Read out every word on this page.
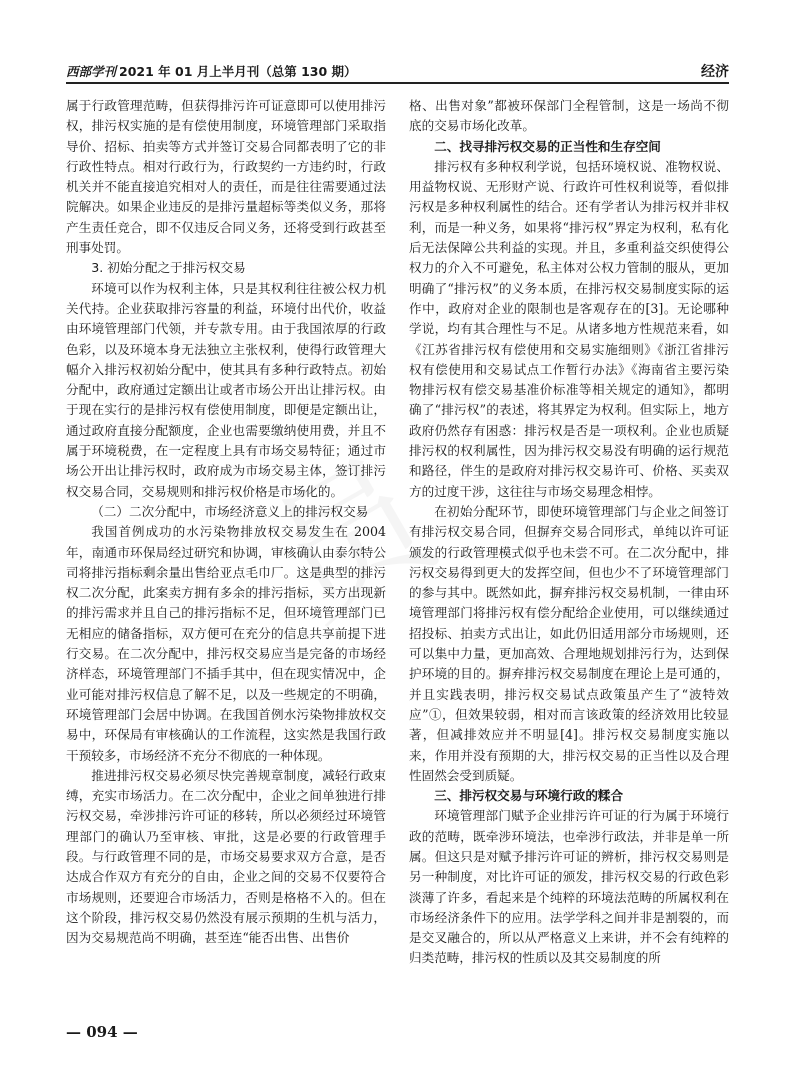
西部学刊 2021 年 01 月上半月刊（总第 130 期）	经济

属于行政管理范畴，但获得排污许可证意即可以使用排污权，排污权实施的是有偿使用制度，环境管理部门采取指导价、招标、拍卖等方式并签订交易合同都表明了它的非行政性特点。相对行政行为，行政契约一方违约时，行政机关并不能直接追究相对人的责任，而是往往需要通过法院解决。如果企业违反的是排污量超标等类似义务，那将产生责任竞合，即不仅违反合同义务，还将受到行政甚至刑事处罚。

3. 初始分配之于排污权交易

环境可以作为权利主体，只是其权利往往被公权力机关代持。企业获取排污容量的利益，环境付出代价，收益由环境管理部门代领，并专款专用。由于我国浓厚的行政色彩，以及环境本身无法独立主张权利，使得行政管理大幅介入排污权初始分配中，使其具有多种行政特点。初始分配中，政府通过定额出让或者市场公开出让排污权。由于现在实行的是排污权有偿使用制度，即便是定额出让，通过政府直接分配额度，企业也需要缴纳使用费，并且不属于环境税费，在一定程度上具有市场交易特征；通过市场公开出让排污权时，政府成为市场交易主体，签订排污权交易合同，交易规则和排污权价格是市场化的。

（二）二次分配中，市场经济意义上的排污权交易

我国首例成功的水污染物排放权交易发生在 2004 年，南通市环保局经过研究和协调，审核确认由泰尔特公司将排污指标剩余量出售给亚点毛巾厂。这是典型的排污权二次分配，此案卖方拥有多余的排污指标，买方出现新的排污需求并且自己的排污指标不足，但环境管理部门已无相应的储备指标，双方便可在充分的信息共享前提下进行交易。在二次分配中，排污权交易应当是完备的市场经济样态，环境管理部门不插手其中，但在现实情况中，企业可能对排污权信息了解不足，以及一些规定的不明确，环境管理部门会居中协调。在我国首例水污染物排放权交易中，环保局有审核确认的工作流程，这实然是我国行政干预较多，市场经济不充分不彻底的一种体现。

推进排污权交易必须尽快完善规章制度，减轻行政束缚，充实市场活力。在二次分配中，企业之间单独进行排污权交易，牵涉排污许可证的移转，所以必须经过环境管理部门的确认乃至审核、审批，这是必要的行政管理手段。与行政管理不同的是，市场交易要求双方合意，是否达成合作双方有充分的自由，企业之间的交易不仅要符合市场规则，还要迎合市场活力，否则是格格不入的。但在这个阶段，排污权交易仍然没有展示预期的生机与活力，因为交易规范尚不明确，甚至连“能否出售、出售价

格、出售对象”都被环保部门全程管制，这是一场尚不彻底的交易市场化改革。

二、找寻排污权交易的正当性和生存空间

排污权有多种权利学说，包括环境权说、准物权说、用益物权说、无形财产说、行政许可性权利说等，看似排污权是多种权利属性的结合。还有学者认为排污权并非权利，而是一种义务，如果将“排污权”界定为权利，私有化后无法保障公共利益的实现。并且，多重利益交织使得公权力的介入不可避免，私主体对公权力管制的服从，更加明确了“排污权”的义务本质，在排污权交易制度实际的运作中，政府对企业的限制也是客观存在的[3]。无论哪种学说，均有其合理性与不足。从诸多地方性规范来看，如《江苏省排污权有偿使用和交易实施细则》《浙江省排污权有偿使用和交易试点工作暂行办法》《海南省主要污染物排污权有偿交易基准价标准等相关规定的通知》，都明确了“排污权”的表述，将其界定为权利。但实际上，地方政府仍然存有困惑：排污权是否是一项权利。企业也质疑排污权的权利属性，因为排污权交易没有明确的运行规范和路径，伴生的是政府对排污权交易许可、价格、买卖双方的过度干涉，这往往与市场交易理念相悖。

在初始分配环节，即使环境管理部门与企业之间签订有排污权交易合同，但摒弃交易合同形式，单纯以许可证颁发的行政管理模式似乎也未尝不可。在二次分配中，排污权交易得到更大的发挥空间，但也少不了环境管理部门的参与其中。既然如此，摒弃排污权交易机制，一律由环境管理部门将排污权有偿分配给企业使用，可以继续通过招投标、拍卖方式出让，如此仍旧适用部分市场规则，还可以集中力量，更加高效、合理地规划排污行为，达到保护环境的目的。摒弃排污权交易制度在理论上是可通的，并且实践表明，排污权交易试点政策虽产生了“波特效应”①，但效果较弱，相对而言该政策的经济效用比较显著，但减排效应并不明显[4]。排污权交易制度实施以来，作用并没有预期的大，排污权交易的正当性以及合理性固然会受到质疑。

三、排污权交易与环境行政的糅合

环境管理部门赋予企业排污许可证的行为属于环境行政的范畴，既牵涉环境法，也牵涉行政法，并非是单一所属。但这只是对赋予排污许可证的辨析，排污权交易则是另一种制度，对比许可证的颁发，排污权交易的行政色彩淡薄了许多，看起来是个纯粹的环境法范畴的所属权利在市场经济条件下的应用。法学学科之间并非是割裂的，而是交叉融合的，所以从严格意义上来讲，并不会有纯粹的归类范畴，排污权的性质以及其交易制度的所

— 094 —
